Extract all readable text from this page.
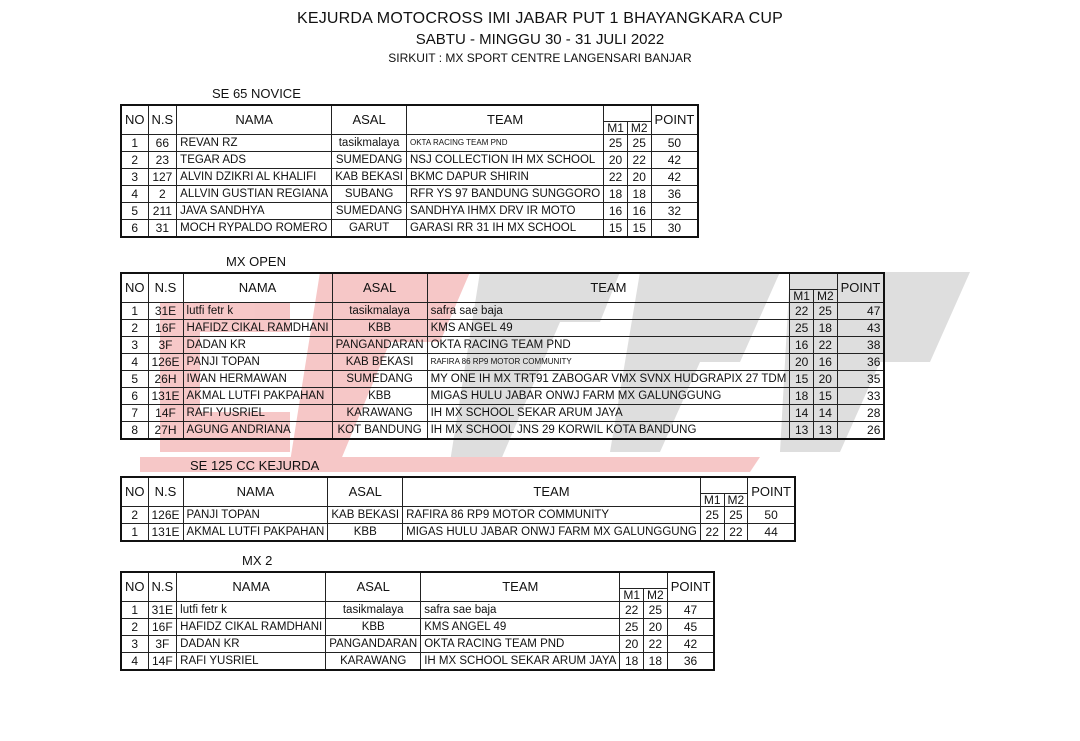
KEJURDA MOTOCROSS IMI JABAR PUT 1 BHAYANGKARA CUP
SABTU - MINGGU 30 - 31 JULI 2022
SIRKUIT : MX SPORT CENTRE LANGENSARI BANJAR
SE 65 NOVICE
NO	N.S	NAMA	ASAL	TEAM			POINT
					M1	M2	
1	66	REVAN RZ	tasikmalaya	OKTA RACING TEAM PND	25	25	50
2	23	TEGAR ADS	SUMEDANG	NSJ COLLECTION IH MX SCHOOL	20	22	42
3	127	ALVIN DZIKRI AL KHALIFI	KAB BEKASI	BKMC DAPUR SHIRIN	22	20	42
4	2	ALLVIN GUSTIAN REGIANA	SUBANG	RFR YS 97 BANDUNG SUNGGORO	18	18	36
5	211	JAVA SANDHYA	SUMEDANG	SANDHYA IHMX DRV IR MOTO	16	16	32
6	31	MOCH RYPALDO ROMERO	GARUT	GARASI RR 31 IH MX SCHOOL	15	15	30
MX OPEN
NO	N.S	NAMA	ASAL	TEAM			POINT
					M1	M2	
1	31E	lutfi fetr k	tasikmalaya	safra sae baja	22	25	47
2	16F	HAFIDZ CIKAL RAMDHANI	KBB	KMS ANGEL 49	25	18	43
3	3F	DADAN KR	PANGANDARAN	OKTA RACING TEAM PND	16	22	38
4	126E	PANJI TOPAN	KAB BEKASI	RAFIRA 86 RP9 MOTOR COMMUNITY	20	16	36
5	26H	IWAN HERMAWAN	SUMEDANG	MY ONE IH MX TRT91 ZABOGAR VMX SVNX HUDGRAPIX 27 TDM	15	20	35
6	131E	AKMAL LUTFI PAKPAHAN	KBB	MIGAS HULU JABAR ONWJ FARM MX GALUNGGUNG	18	15	33
7	14F	RAFI YUSRIEL	KARAWANG	IH MX SCHOOL SEKAR ARUM JAYA	14	14	28
8	27H	AGUNG ANDRIANA	KOT BANDUNG	IH MX SCHOOL JNS 29 KORWIL KOTA BANDUNG	13	13	26
SE 125 CC KEJURDA
NO	N.S	NAMA	ASAL	TEAM			POINT
					M1	M2	
2	126E	PANJI TOPAN	KAB BEKASI	RAFIRA 86 RP9 MOTOR COMMUNITY	25	25	50
1	131E	AKMAL LUTFI PAKPAHAN	KBB	MIGAS HULU JABAR ONWJ FARM MX GALUNGGUNG	22	22	44
MX 2
NO	N.S	NAMA	ASAL	TEAM			POINT
					M1	M2	
1	31E	lutfi fetr k	tasikmalaya	safra sae baja	22	25	47
2	16F	HAFIDZ CIKAL RAMDHANI	KBB	KMS ANGEL 49	25	20	45
3	3F	DADAN KR	PANGANDARAN	OKTA RACING TEAM PND	20	22	42
4	14F	RAFI YUSRIEL	KARAWANG	IH MX SCHOOL SEKAR ARUM JAYA	18	18	36
